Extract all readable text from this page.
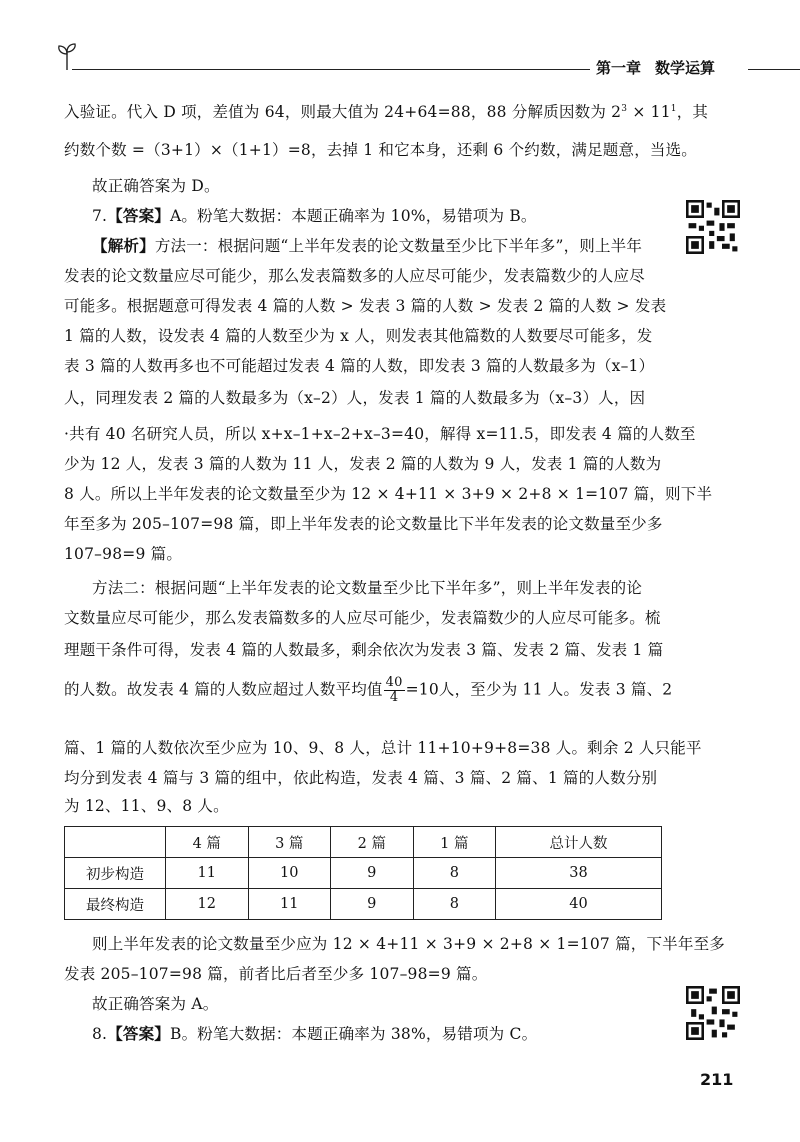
第一章 数学运算
入验证。代入 D 项，差值为 64，则最大值为 24+64=88，88 分解质因数为 $2^3 \times 11^1$，其
约数个数 =（3+1）×（1+1）=8，去掉 1 和它本身，还剩 6 个约数，满足题意，当选。
故正确答案为 D。
7.【答案】A。粉笔大数据：本题正确率为 10%，易错项为 B。
【解析】方法一：根据问题“上半年发表的论文数量至少比下半年多”，则上半年
发表的论文数量应尽可能少，那么发表篇数多的人应尽可能少，发表篇数少的人应尽
可能多。根据题意可得发表 4 篇的人数 > 发表 3 篇的人数 > 发表 2 篇的人数 > 发表
1 篇的人数，设发表 4 篇的人数至少为 x 人，则发表其他篇数的人数要尽可能多，发
表 3 篇的人数再多也不可能超过发表 4 篇的人数，即发表 3 篇的人数最多为（x–1）
人，同理发表 2 篇的人数最多为（x–2）人，发表 1 篇的人数最多为（x–3）人，因
·共有 40 名研究人员，所以 x+x–1+x–2+x–3=40，解得 x=11.5，即发表 4 篇的人数至
少为 12 人，发表 3 篇的人数为 11 人，发表 2 篇的人数为 9 人，发表 1 篇的人数为
8 人。所以上半年发表的论文数量至少为 12 × 4+11 × 3+9 × 2+8 × 1=107 篇，则下半
年至多为 205–107=98 篇，即上半年发表的论文数量比下半年发表的论文数量至少多
107–98=9 篇。
方法二：根据问题“上半年发表的论文数量至少比下半年多”，则上半年发表的论
文数量应尽可能少，那么发表篇数多的人应尽可能少，发表篇数少的人应尽可能多。梳
理题干条件可得，发表 4 篇的人数最多，剩余依次为发表 3 篇、发表 2 篇、发表 1 篇
的人数。故发表 4 篇的人数应超过人数平均值 $\frac{40}{4} =10$人，至少为 11 人。发表 3 篇、2
篇、1 篇的人数依次至少应为 10、9、8 人，总计 11+10+9+8=38 人。剩余 2 人只能平
均分到发表 4 篇与 3 篇的组中，依此构造，发表 4 篇、3 篇、2 篇、1 篇的人数分别
为 12、11、9、8 人。
	4 篇	3 篇	2 篇	1 篇	总计人数
初步构造	11	10	9	8	38
最终构造	12	11	9	8	40
则上半年发表的论文数量至少应为 12 × 4+11 × 3+9 × 2+8 × 1=107 篇，下半年至多
发表 205–107=98 篇，前者比后者至少多 107–98=9 篇。
故正确答案为 A。
8.【答案】B。粉笔大数据：本题正确率为 38%，易错项为 C。
211
